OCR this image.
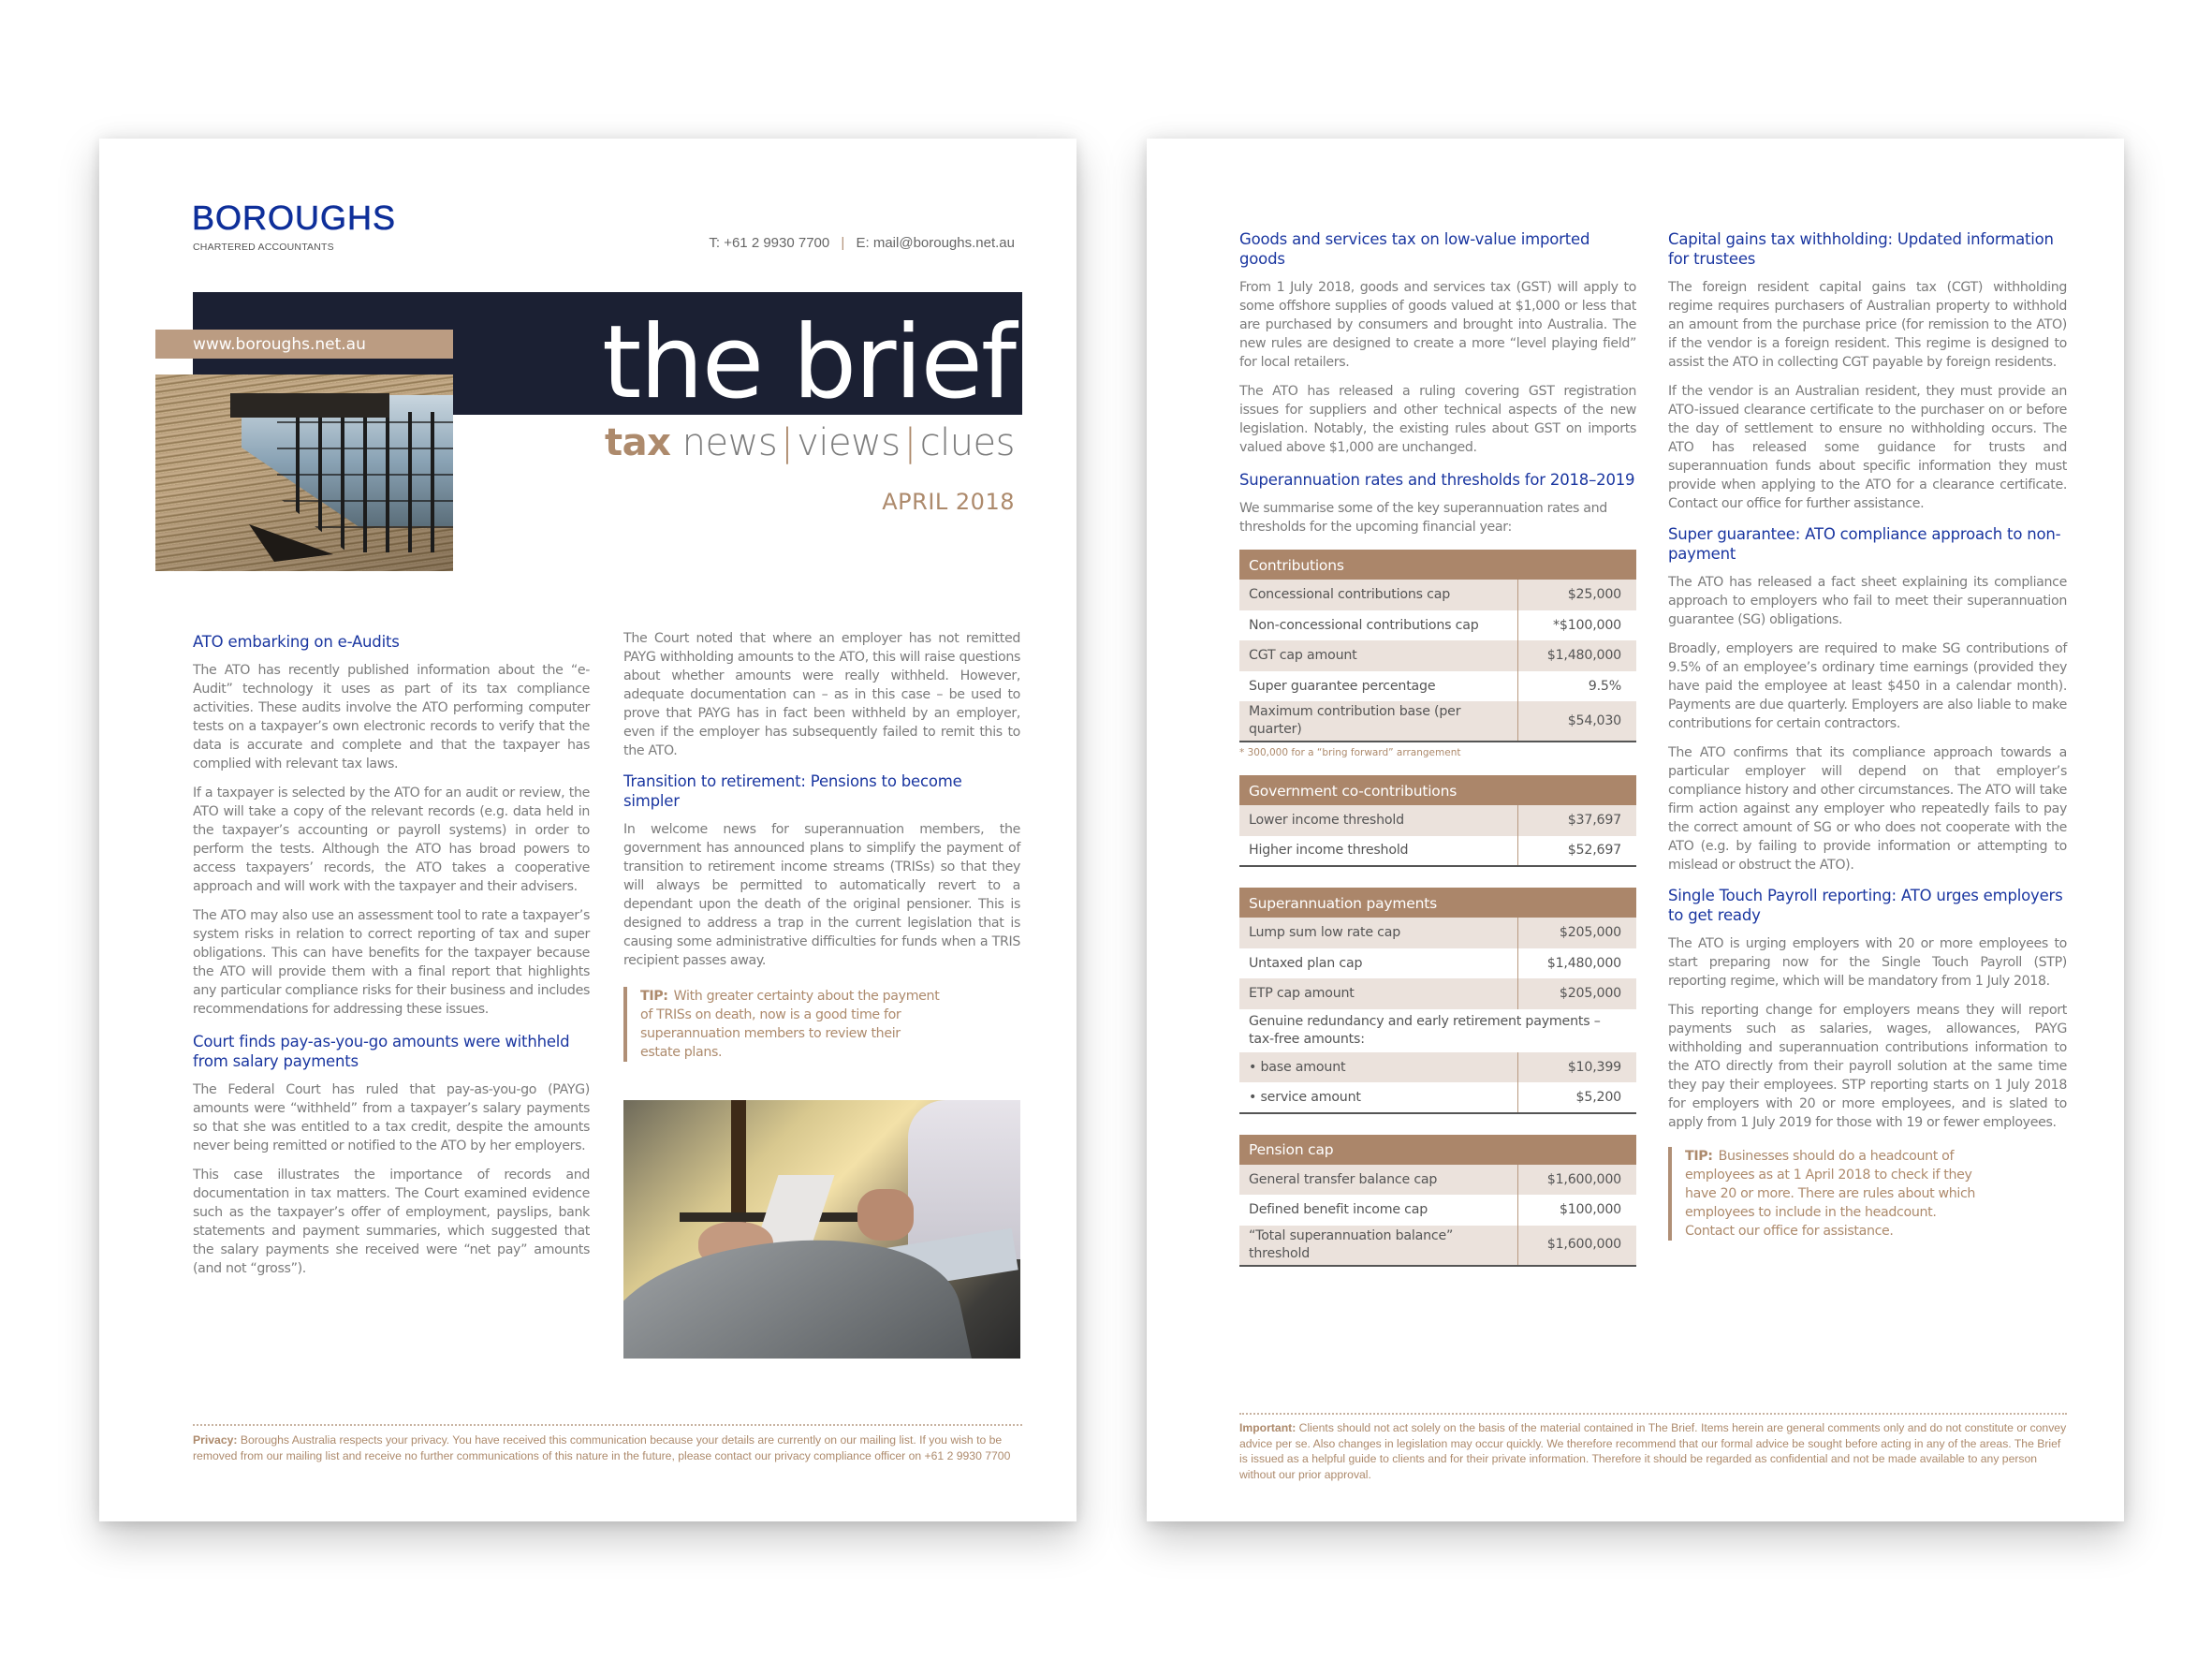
BOROUGHS
CHARTERED ACCOUNTANTS	T: +61 2 9930 7700 | E: mail@boroughs.net.au
www.boroughs.net.au	the brief
tax news | views | clues
APRIL 2018
ATO embarking on e-Audits
The ATO has recently published information about the “e-Audit” technology it uses as part of its tax compliance activities. These audits involve the ATO performing computer tests on a taxpayer’s own electronic records to verify that the data is accurate and complete and that the taxpayer has complied with relevant tax laws.
If a taxpayer is selected by the ATO for an audit or review, the ATO will take a copy of the relevant records (e.g. data held in the taxpayer’s accounting or payroll systems) in order to perform the tests. Although the ATO has broad powers to access taxpayers’ records, the ATO takes a cooperative approach and will work with the taxpayer and their advisers.
The ATO may also use an assessment tool to rate a taxpayer’s system risks in relation to correct reporting of tax and super obligations. This can have benefits for the taxpayer because the ATO will provide them with a final report that highlights any particular compliance risks for their business and includes recommendations for addressing these issues.
Court finds pay-as-you-go amounts were withheld from salary payments
The Federal Court has ruled that pay-as-you-go (PAYG) amounts were “withheld” from a taxpayer’s salary payments so that she was entitled to a tax credit, despite the amounts never being remitted or notified to the ATO by her employers.
This case illustrates the importance of records and documentation in tax matters. The Court examined evidence such as the taxpayer’s offer of employment, payslips, bank statements and payment summaries, which suggested that the salary payments she received were “net pay” amounts (and not “gross”).
The Court noted that where an employer has not remitted PAYG withholding amounts to the ATO, this will raise questions about whether amounts were really withheld. However, adequate documentation can – as in this case – be used to prove that PAYG has in fact been withheld by an employer, even if the employer has subsequently failed to remit this to the ATO.
Transition to retirement: Pensions to become simpler
In welcome news for superannuation members, the government has announced plans to simplify the payment of transition to retirement income streams (TRISs) so that they will always be permitted to automatically revert to a dependant upon the death of the original pensioner. This is designed to address a trap in the current legislation that is causing some administrative difficulties for funds when a TRIS recipient passes away.
TIP: With greater certainty about the payment of TRISs on death, now is a good time for superannuation members to review their estate plans.
Privacy: Boroughs Australia respects your privacy. You have received this communication because your details are currently on our mailing list. If you wish to be removed from our mailing list and receive no further communications of this nature in the future, please contact our privacy compliance officer on +61 2 9930 7700
Goods and services tax on low-value imported goods
From 1 July 2018, goods and services tax (GST) will apply to some offshore supplies of goods valued at $1,000 or less that are purchased by consumers and brought into Australia. The new rules are designed to create a more “level playing field” for local retailers.
The ATO has released a ruling covering GST registration issues for suppliers and other technical aspects of the new legislation. Notably, the existing rules about GST on imports valued above $1,000 are unchanged.
Superannuation rates and thresholds for 2018–2019
We summarise some of the key superannuation rates and thresholds for the upcoming financial year:
Contributions	
Concessional contributions cap	$25,000
Non-concessional contributions cap	*$100,000
CGT cap amount	$1,480,000
Super guarantee percentage	9.5%
Maximum contribution base (per quarter)	$54,030
* 300,000 for a “bring forward” arrangement
Government co-contributions	
Lower income threshold	$37,697
Higher income threshold	$52,697
Superannuation payments	
Lump sum low rate cap	$205,000
Untaxed plan cap	$1,480,000
ETP cap amount	$205,000
Genuine redundancy and early retirement payments – tax-free amounts:	
• base amount	$10,399
• service amount	$5,200
Pension cap	
General transfer balance cap	$1,600,000
Defined benefit income cap	$100,000
“Total superannuation balance” threshold	$1,600,000
Capital gains tax withholding: Updated information for trustees
The foreign resident capital gains tax (CGT) withholding regime requires purchasers of Australian property to withhold an amount from the purchase price (for remission to the ATO) if the vendor is a foreign resident. This regime is designed to assist the ATO in collecting CGT payable by foreign residents.
If the vendor is an Australian resident, they must provide an ATO-issued clearance certificate to the purchaser on or before the day of settlement to ensure no withholding occurs. The ATO has released some guidance for trusts and superannuation funds about specific information they must provide when applying to the ATO for a clearance certificate. Contact our office for further assistance.
Super guarantee: ATO compliance approach to non-payment
The ATO has released a fact sheet explaining its compliance approach to employers who fail to meet their superannuation guarantee (SG) obligations.
Broadly, employers are required to make SG contributions of 9.5% of an employee’s ordinary time earnings (provided they have paid the employee at least $450 in a calendar month). Payments are due quarterly. Employers are also liable to make contributions for certain contractors.
The ATO confirms that its compliance approach towards a particular employer will depend on that employer’s compliance history and other circumstances. The ATO will take firm action against any employer who repeatedly fails to pay the correct amount of SG or who does not cooperate with the ATO (e.g. by failing to provide information or attempting to mislead or obstruct the ATO).
Single Touch Payroll reporting: ATO urges employers to get ready
The ATO is urging employers with 20 or more employees to start preparing now for the Single Touch Payroll (STP) reporting regime, which will be mandatory from 1 July 2018.
This reporting change for employers means they will report payments such as salaries, wages, allowances, PAYG withholding and superannuation contributions information to the ATO directly from their payroll solution at the same time they pay their employees. STP reporting starts on 1 July 2018 for employers with 20 or more employees, and is slated to apply from 1 July 2019 for those with 19 or fewer employees.
TIP: Businesses should do a headcount of employees as at 1 April 2018 to check if they have 20 or more. There are rules about which employees to include in the headcount. Contact our office for assistance.
Important: Clients should not act solely on the basis of the material contained in The Brief. Items herein are general comments only and do not constitute or convey advice per se. Also changes in legislation may occur quickly. We therefore recommend that our formal advice be sought before acting in any of the areas. The Brief is issued as a helpful guide to clients and for their private information. Therefore it should be regarded as confidential and not be made available to any person without our prior approval.
